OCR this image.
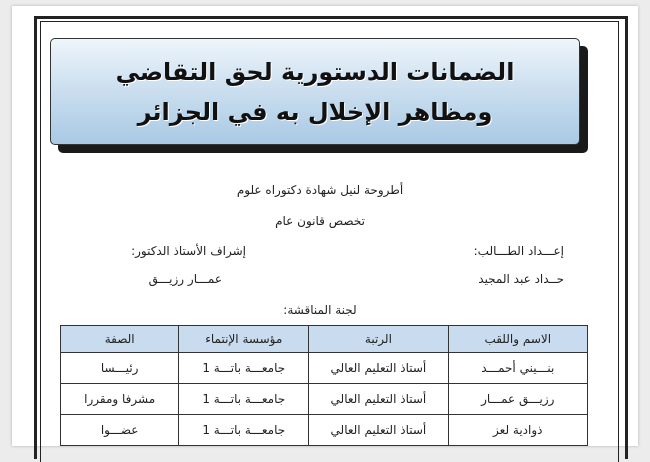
الضمانات الدستورية لحق التقاضي
ومظاهر الإخلال به في الجزائر
أطروحة لنيل شهادة دكتوراه علوم
تخصص قانون عام
إعـــداد الطـــالب:
حــداد عبد المجيد
إشراف الأستاذ الدكتور:
عمـــار رزيـــق
لجنة المناقشة:
الاسم واللقب	الرتبة	مؤسسة الإنتماء	الصفة
بنـــيني أحمـــد	أستاذ التعليم العالي	جامعـــة باتـــة 1	رئيـــسا
رزيـــق عمـــار	أستاذ التعليم العالي	جامعـــة باتـــة 1	مشرفا ومقررا
ذوادية لعز	أستاذ التعليم العالي	جامعـــة باتـــة 1	عضـــوا
